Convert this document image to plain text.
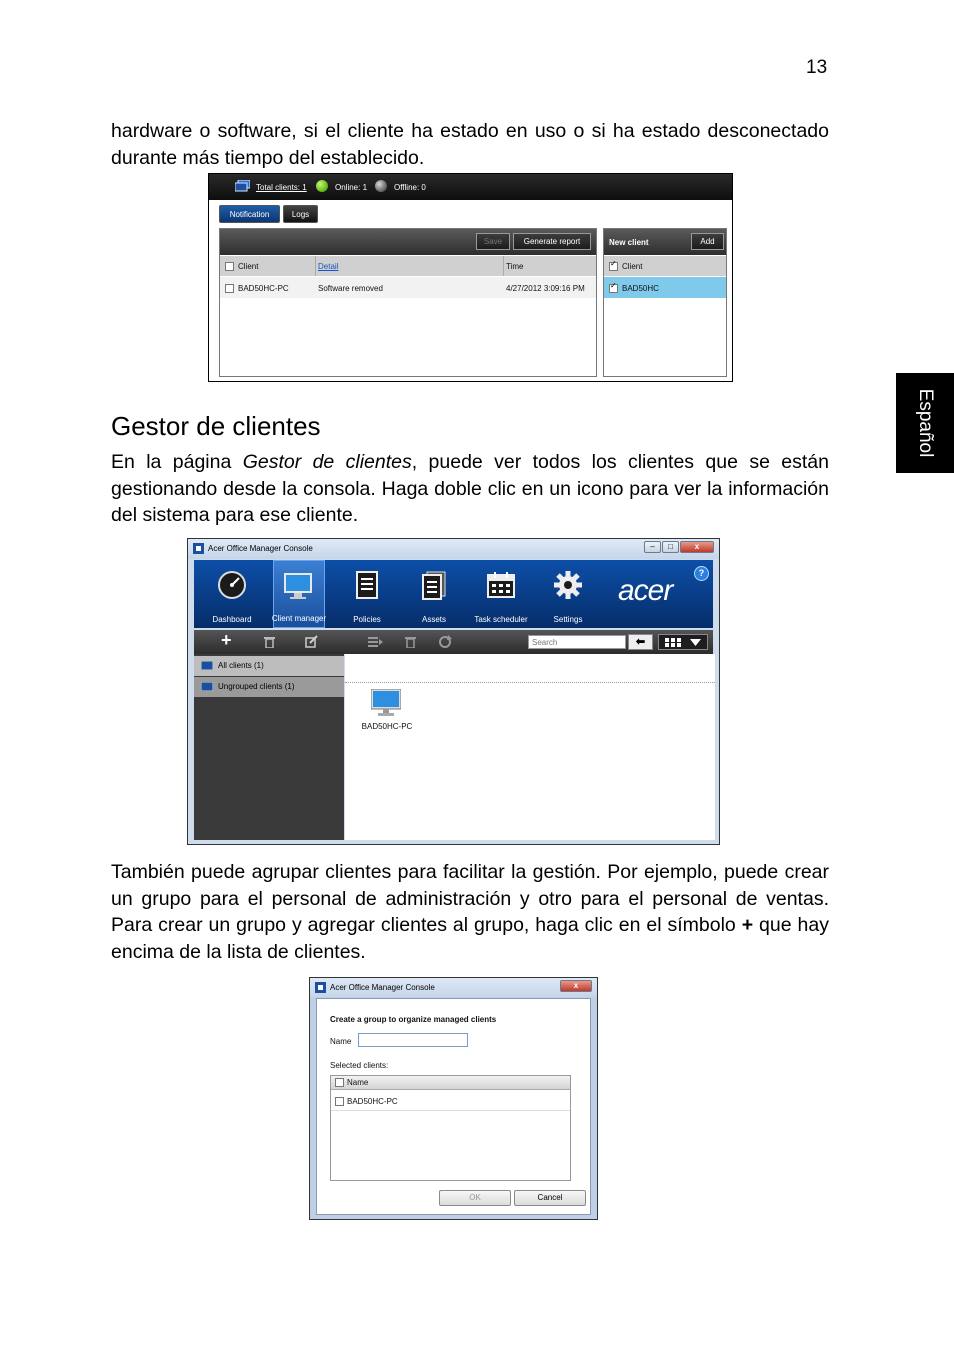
13
hardware o software, si el cliente ha estado en uso o si ha estado desconectado durante más tiempo del establecido.
Español
Total clients: 1	Online: 1	Offline: 0
Notification	Logs
Save	Generate report
Client	Detail	Time
BAD50HC-PC	Software removed	4/27/2012 3:09:16 PM
New client	Add
✓ Client
✓ BAD50HC
Gestor de clientes
En la página Gestor de clientes, puede ver todos los clientes que se están gestionando desde la consola. Haga doble clic en un icono para ver la información del sistema para ese cliente.
Acer Office Manager Console	–	□	x
Dashboard	Client manager	Policies	Assets	Task scheduler	Settings
acer
?
+
Search	⬅
All clients (1)
Ungrouped clients (1)
BAD50HC-PC
También puede agrupar clientes para facilitar la gestión. Por ejemplo, puede crear un grupo para el personal de administración y otro para el personal de ventas. Para crear un grupo y agregar clientes al grupo, haga clic en el símbolo + que hay encima de la lista de clientes.
Acer Office Manager Console	x
Create a group to organize managed clients
Name
Selected clients:
Name
BAD50HC-PC
OK	Cancel
